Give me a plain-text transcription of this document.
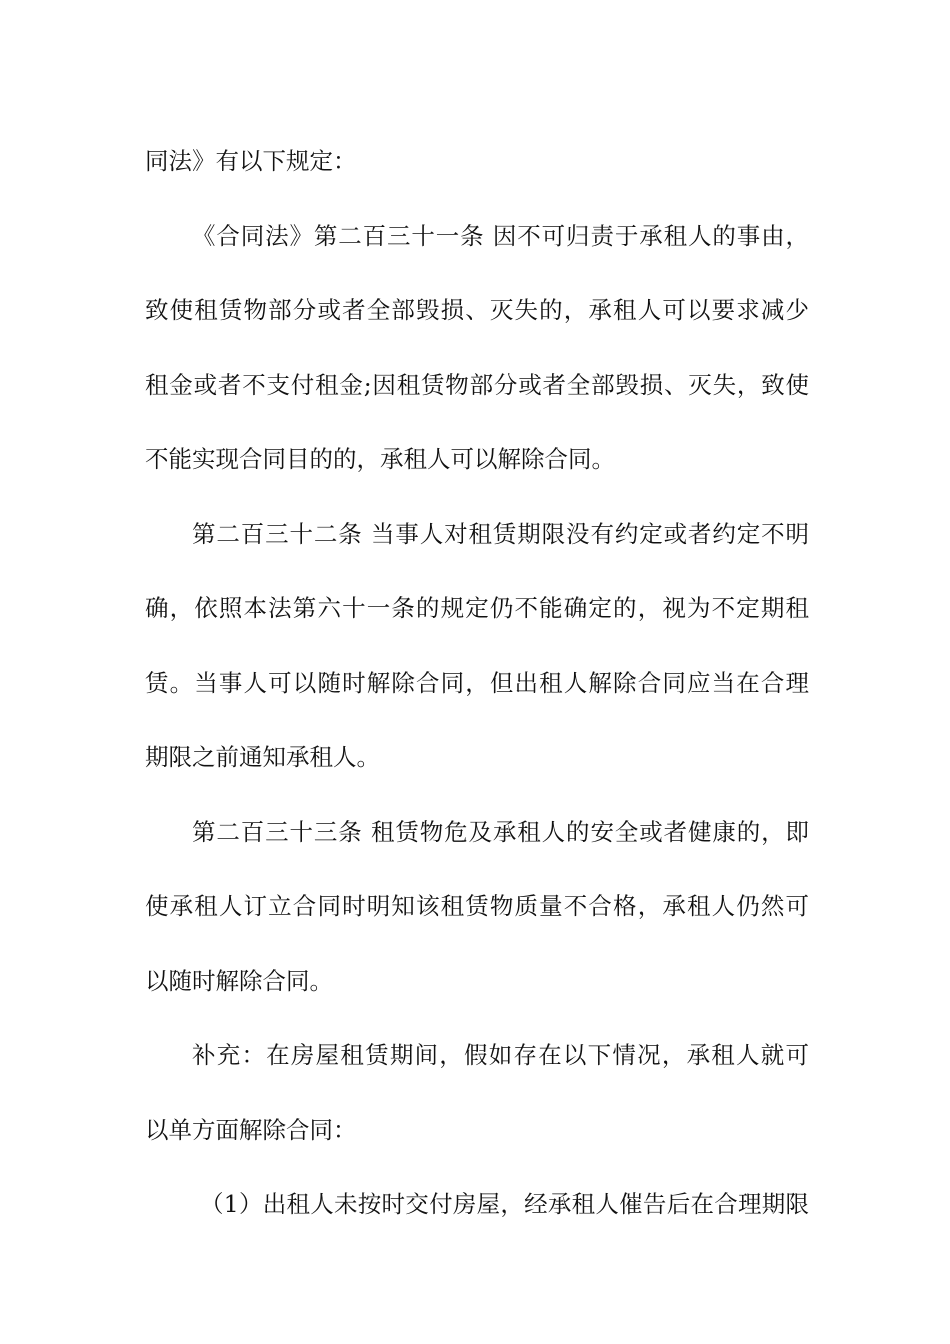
同法》有以下规定：
《合同法》第二百三十一条 因不可归责于承租人的事由，
致使租赁物部分或者全部毁损、灭失的，承租人可以要求减少
租金或者不支付租金;因租赁物部分或者全部毁损、灭失，致使
不能实现合同目的的，承租人可以解除合同。
第二百三十二条 当事人对租赁期限没有约定或者约定不明
确，依照本法第六十一条的规定仍不能确定的，视为不定期租
赁。当事人可以随时解除合同，但出租人解除合同应当在合理
期限之前通知承租人。
第二百三十三条 租赁物危及承租人的安全或者健康的，即
使承租人订立合同时明知该租赁物质量不合格，承租人仍然可
以随时解除合同。
补充：在房屋租赁期间，假如存在以下情况，承租人就可
以单方面解除合同：
（1）出租人未按时交付房屋，经承租人催告后在合理期限
